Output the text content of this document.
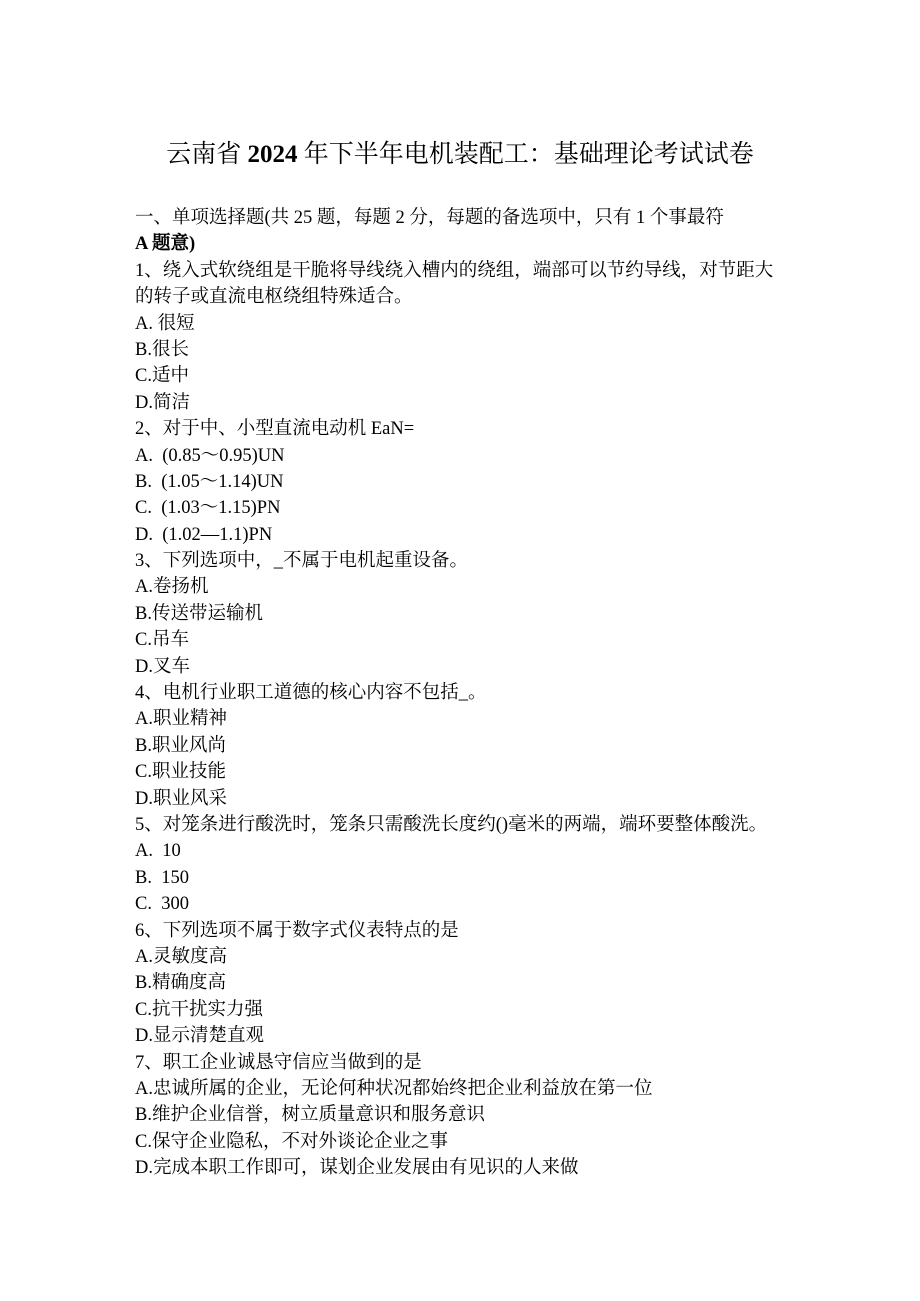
云南省 2024 年下半年电机装配工：基础理论考试试卷
一、单项选择题(共 25 题，每题 2 分，每题的备选项中，只有 1 个事最符
A 题意)
1、绕入式软绕组是干脆将导线绕入槽内的绕组，端部可以节约导线，对节距大
的转子或直流电枢绕组特殊适合。
A. 很短
B.很长
C.适中
D.简洁
2、对于中、小型直流电动机 EaN=
A.  (0.85～0.95)UN
B.  (1.05～1.14)UN
C.  (1.03～1.15)PN
D.  (1.02—1.1)PN
3、下列选项中，_不属于电机起重设备。
A.卷扬机
B.传送带运输机
C.吊车
D.叉车
4、电机行业职工道德的核心内容不包括_。
A.职业精神
B.职业风尚
C.职业技能
D.职业风采
5、对笼条进行酸洗时，笼条只需酸洗长度约()毫米的两端，端环要整体酸洗。
A.  10
B.  150
C.  300
6、下列选项不属于数字式仪表特点的是
A.灵敏度高
B.精确度高
C.抗干扰实力强
D.显示清楚直观
7、职工企业诚恳守信应当做到的是
A.忠诚所属的企业，无论何种状况都始终把企业利益放在第一位
B.维护企业信誉，树立质量意识和服务意识
C.保守企业隐私，不对外谈论企业之事
D.完成本职工作即可，谋划企业发展由有见识的人来做
